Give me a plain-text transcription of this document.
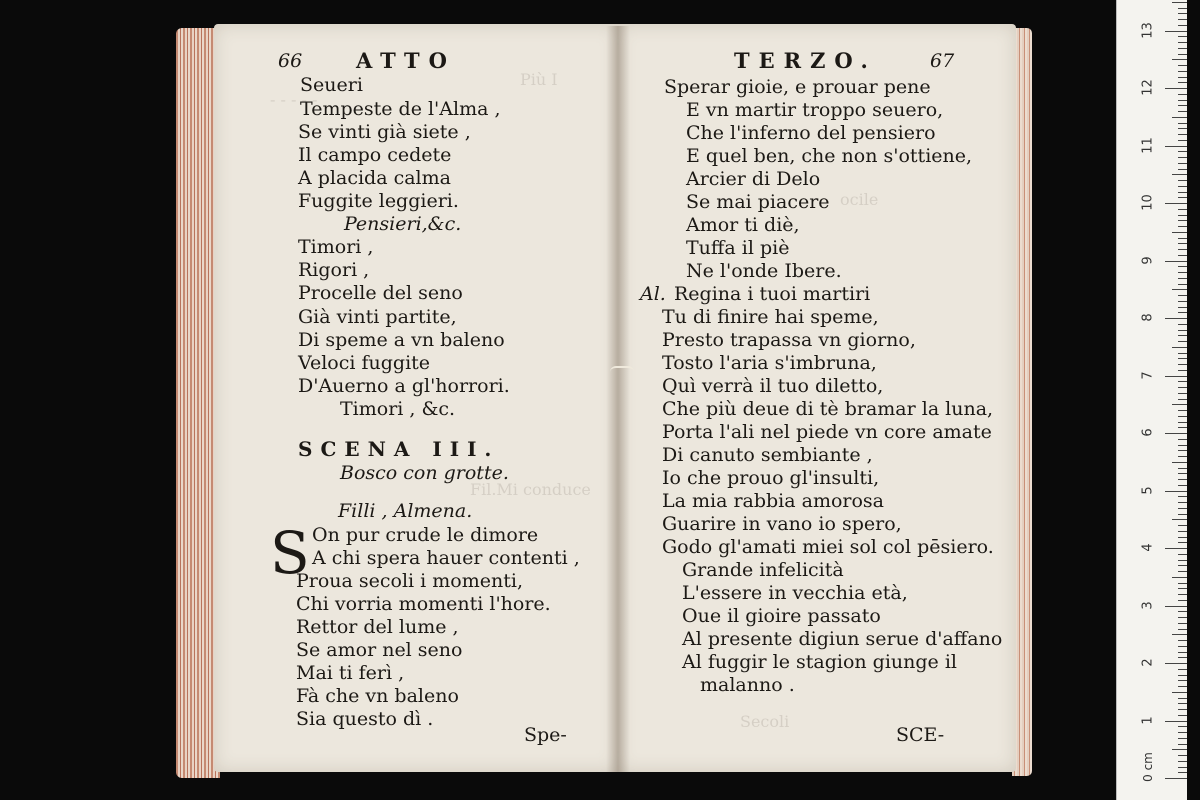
Più I
- - - - -
ocile
Fil.Mi conduce
Secoli
66	ATTO
Seueri
Tempeste de l'Alma ,
Se vinti già siete ,
Il campo cedete
A placida calma
Fuggite leggieri.
Pensieri,&c.
Timori ,
Rigori ,
Procelle del seno
Già vinti partite,
Di speme a vn baleno
Veloci fuggite
D'Auerno a gl'horrori.
Timori , &c.
SCENA III.
Bosco con grotte.
Filli , Almena.
S On pur crude le dimore
A chi spera hauer contenti ,
Proua secoli i momenti,
Chi vorria momenti l'hore.
Rettor del lume ,
Se amor nel seno
Mai ti ferì ,
Fà che vn baleno
Sia questo dì .
Spe-
TERZO.	67
Sperar gioie, e prouar pene
E vn martir troppo seuero,
Che l'inferno del pensiero
E quel ben, che non s'ottiene,
Arcier di Delo
Se mai piacere
Amor ti diè,
Tuffa il piè
Ne l'onde Ibere.
Al. Regina i tuoi martiri
Tu di finire hai speme,
Presto trapassa vn giorno,
Tosto l'aria s'imbruna,
Quì verrà il tuo diletto,
Che più deue di tè bramar la luna,
Porta l'ali nel piede vn core amate
Di canuto sembiante ,
Io che prouo gl'insulti,
La mia rabbia amorosa
Guarire in vano io spero,
Godo gl'amati miei sol col pēsiero.
Grande infelicità
L'essere in vecchia età,
Oue il gioire passato
Al presente digiun serue d'affano
Al fuggir le stagion giunge il
malanno .
SCE-
1
2
3
4
5
6
7
8
9
10
11
12
13
0 cm
